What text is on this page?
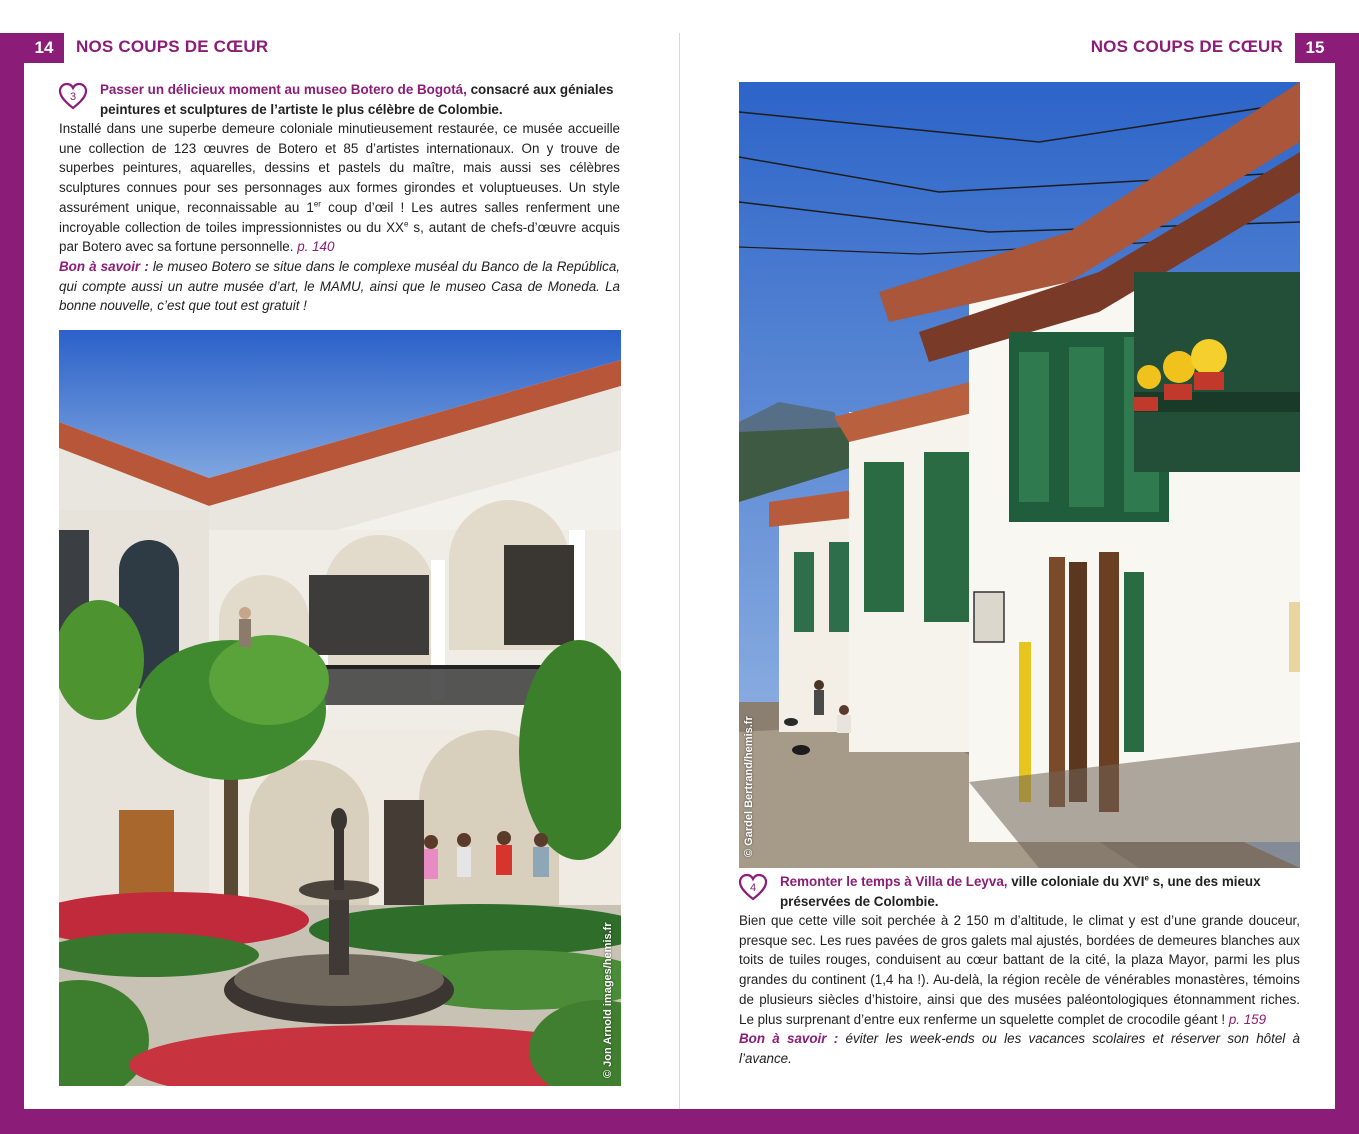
14	NOS COUPS DE CŒUR
3 Passer un délicieux moment au museo Botero de Bogotá, consacré aux géniales peintures et sculptures de l’artiste le plus célèbre de Colombie.
Installé dans une superbe demeure coloniale minutieusement restaurée, ce musée accueille une collection de 123 œuvres de Botero et 85 d’artistes internationaux. On y trouve de superbes peintures, aquarelles, dessins et pastels du maître, mais aussi ses célèbres sculptures connues pour ses personnages aux formes girondes et voluptueuses. Un style assurément unique, reconnaissable au 1er coup d’œil ! Les autres salles renferment une incroyable collection de toiles impressionnistes ou du XXe s, autant de chefs-d’œuvre acquis par Botero avec sa fortune personnelle. p. 140
Bon à savoir : le museo Botero se situe dans le complexe muséal du Banco de la República, qui compte aussi un autre musée d’art, le MAMU, ainsi que le museo Casa de Moneda. La bonne nouvelle, c’est que tout est gratuit !
© Jon Arnold images/hemis.fr
15
NOS COUPS DE CŒUR
© Gardel Bertrand/hemis.fr
4 Remonter le temps à Villa de Leyva, ville coloniale du XVIe s, une des mieux préservées de Colombie.
Bien que cette ville soit perchée à 2 150 m d’altitude, le climat y est d’une grande douceur, presque sec. Les rues pavées de gros galets mal ajustés, bordées de demeures blanches aux toits de tuiles rouges, conduisent au cœur battant de la cité, la plaza Mayor, parmi les plus grandes du continent (1,4 ha !). Au-delà, la région recèle de vénérables monastères, témoins de plusieurs siècles d’histoire, ainsi que des musées paléontologiques étonnamment riches. Le plus surprenant d’entre eux renferme un squelette complet de crocodile géant ! p. 159
Bon à savoir : éviter les week-ends ou les vacances scolaires et réserver son hôtel à l’avance.
